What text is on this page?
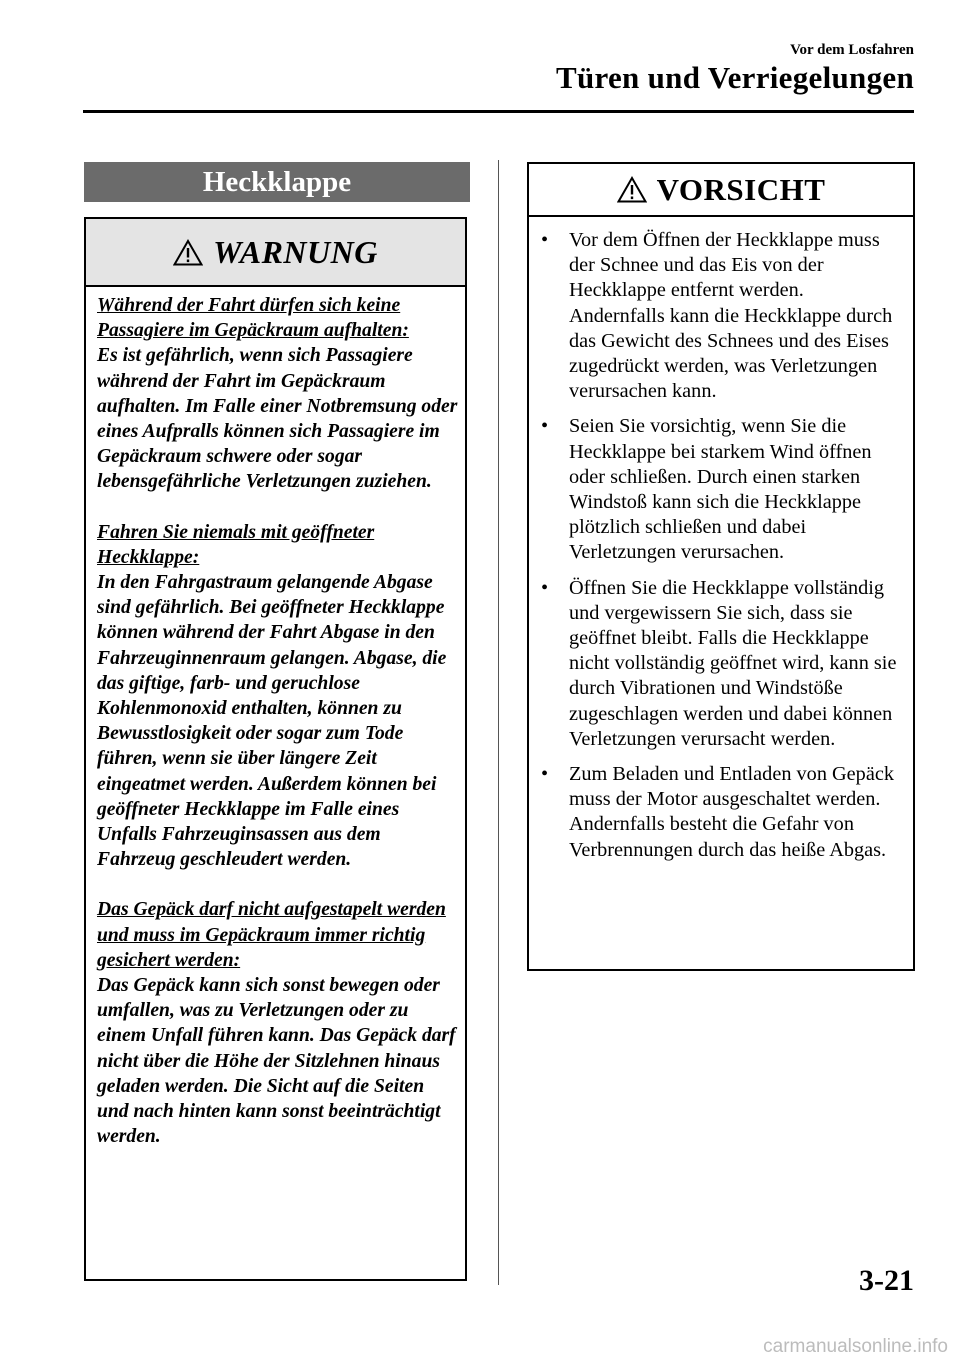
Vor dem Losfahren
Türen und Verriegelungen
Heckklappe
WARNUNG
Während der Fahrt dürfen sich keine Passagiere im Gepäckraum aufhalten:
Es ist gefährlich, wenn sich Passagiere während der Fahrt im Gepäckraum aufhalten. Im Falle einer Notbremsung oder eines Aufpralls können sich Passagiere im Gepäckraum schwere oder sogar lebensgefährliche Verletzungen zuziehen.
Fahren Sie niemals mit geöffneter Heckklappe:
In den Fahrgastraum gelangende Abgase sind gefährlich. Bei geöffneter Heckklappe können während der Fahrt Abgase in den Fahrzeuginnenraum gelangen. Abgase, die das giftige, farb- und geruchlose Kohlenmonoxid enthalten, können zu Bewusstlosigkeit oder sogar zum Tode führen, wenn sie über längere Zeit eingeatmet werden. Außerdem können bei geöffneter Heckklappe im Falle eines Unfalls Fahrzeuginsassen aus dem Fahrzeug geschleudert werden.
Das Gepäck darf nicht aufgestapelt werden und muss im Gepäckraum immer richtig gesichert werden:
Das Gepäck kann sich sonst bewegen oder umfallen, was zu Verletzungen oder zu einem Unfall führen kann. Das Gepäck darf nicht über die Höhe der Sitzlehnen hinaus geladen werden. Die Sicht auf die Seiten und nach hinten kann sonst beeinträchtigt werden.
VORSICHT
•	Vor dem Öffnen der Heckklappe muss der Schnee und das Eis von der Heckklappe entfernt werden. Andernfalls kann die Heckklappe durch das Gewicht des Schnees und des Eises zugedrückt werden, was Verletzungen verursachen kann.
•	Seien Sie vorsichtig, wenn Sie die Heckklappe bei starkem Wind öffnen oder schließen. Durch einen starken Windstoß kann sich die Heckklappe plötzlich schließen und dabei Verletzungen verursachen.
•	Öffnen Sie die Heckklappe vollständig und vergewissern Sie sich, dass sie geöffnet bleibt. Falls die Heckklappe nicht vollständig geöffnet wird, kann sie durch Vibrationen und Windstöße zugeschlagen werden und dabei können Verletzungen verursacht werden.
•	Zum Beladen und Entladen von Gepäck muss der Motor ausgeschaltet werden. Andernfalls besteht die Gefahr von Verbrennungen durch das heiße Abgas.
3-21
carmanualsonline.info
